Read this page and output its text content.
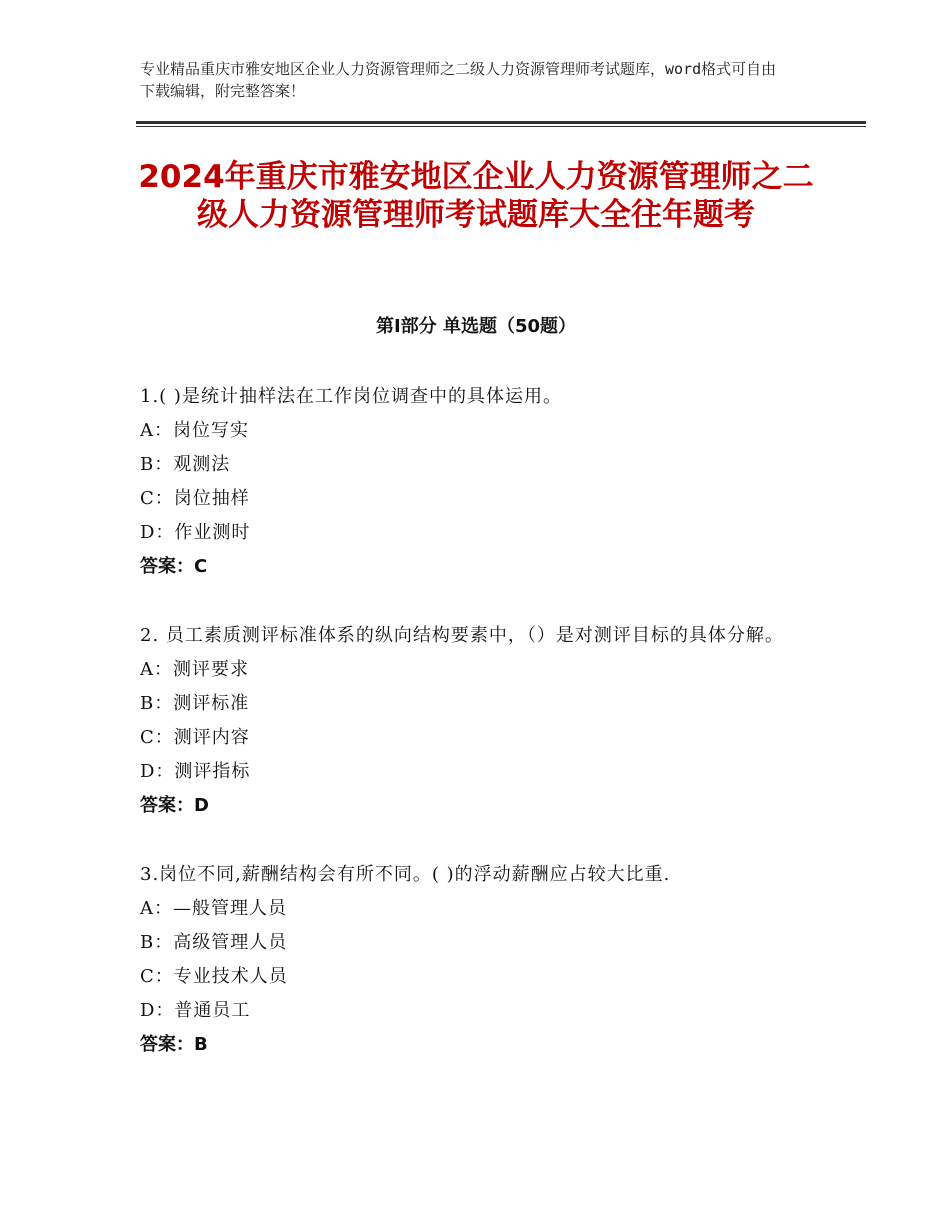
专业精品重庆市雅安地区企业人力资源管理师之二级人力资源管理师考试题库，word格式可自由下载编辑，附完整答案！
2024年重庆市雅安地区企业人力资源管理师之二级人力资源管理师考试题库大全往年题考
第Ⅰ部分 单选题（50题）
1.( )是统计抽样法在工作岗位调查中的具体运用。
A：岗位写实
B：观测法
C：岗位抽样
D：作业测时
答案：C
2. 员工素质测评标准体系的纵向结构要素中，（）是对测评目标的具体分解。
A：测评要求
B：测评标准
C：测评内容
D：测评指标
答案：D
3.岗位不同,薪酬结构会有所不同。( )的浮动薪酬应占较大比重.
A：—般管理人员
B：高级管理人员
C：专业技术人员
D：普通员工
答案：B
